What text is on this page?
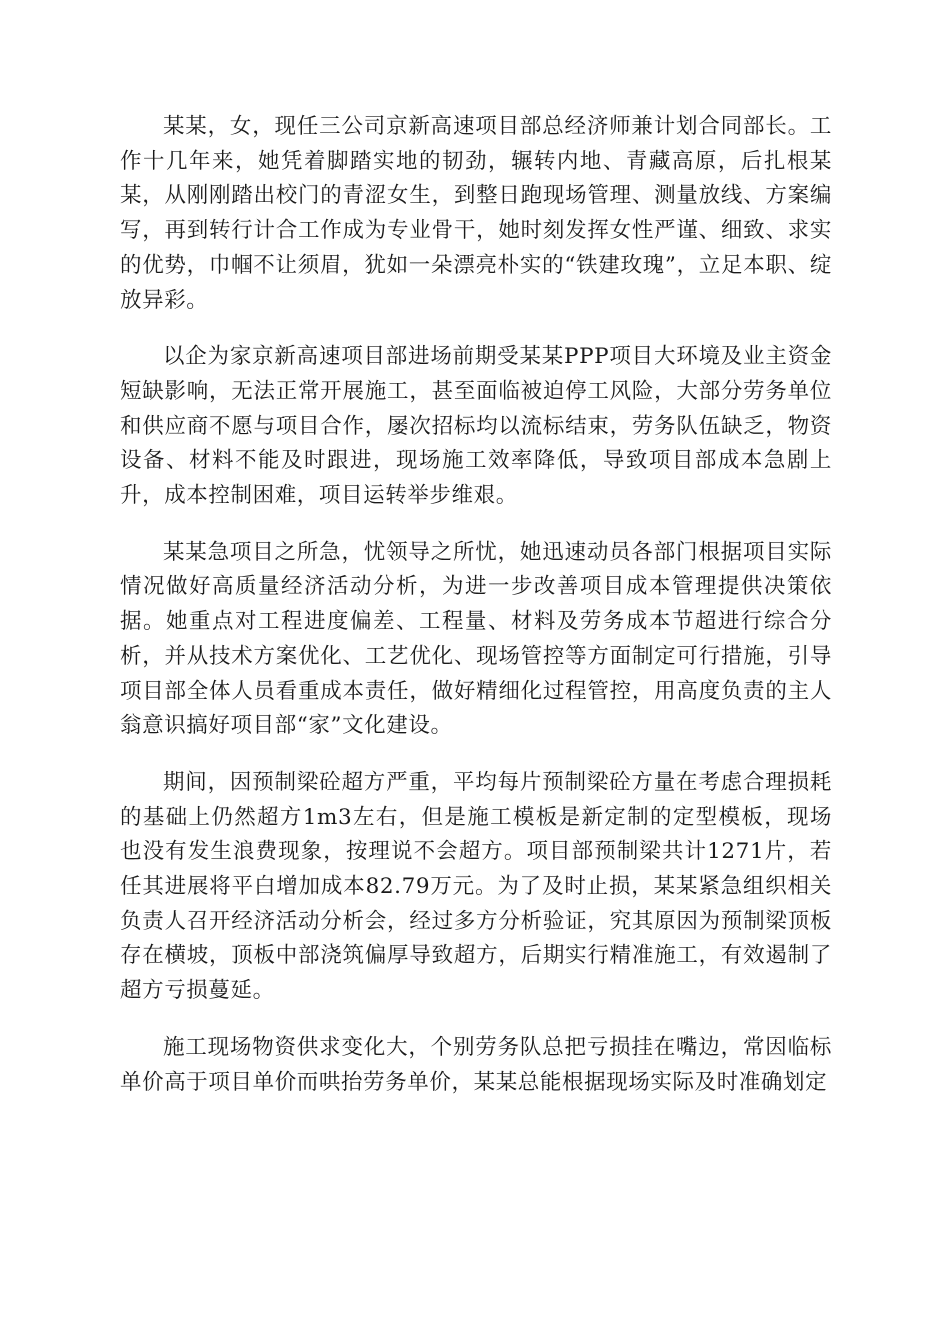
某某，女，现任三公司京新高速项目部总经济师兼计划合同部长。工作十几年来，她凭着脚踏实地的韧劲，辗转内地、青藏高原，后扎根某某，从刚刚踏出校门的青涩女生，到整日跑现场管理、测量放线、方案编写，再到转行计合工作成为专业骨干，她时刻发挥女性严谨、细致、求实的优势，巾帼不让须眉，犹如一朵漂亮朴实的“铁建玫瑰”，立足本职、绽放异彩。

以企为家京新高速项目部进场前期受某某PPP项目大环境及业主资金短缺影响，无法正常开展施工，甚至面临被迫停工风险，大部分劳务单位和供应商不愿与项目合作，屡次招标均以流标结束，劳务队伍缺乏，物资设备、材料不能及时跟进，现场施工效率降低，导致项目部成本急剧上升，成本控制困难，项目运转举步维艰。

某某急项目之所急，忧领导之所忧，她迅速动员各部门根据项目实际情况做好高质量经济活动分析，为进一步改善项目成本管理提供决策依据。她重点对工程进度偏差、工程量、材料及劳务成本节超进行综合分析，并从技术方案优化、工艺优化、现场管控等方面制定可行措施，引导项目部全体人员看重成本责任，做好精细化过程管控，用高度负责的主人翁意识搞好项目部“家”文化建设。

期间，因预制梁砼超方严重，平均每片预制梁砼方量在考虑合理损耗的基础上仍然超方1m3左右，但是施工模板是新定制的定型模板，现场也没有发生浪费现象，按理说不会超方。项目部预制梁共计1271片，若任其进展将平白增加成本82.79万元。为了及时止损，某某紧急组织相关负责人召开经济活动分析会，经过多方分析验证，究其原因为预制梁顶板存在横坡，顶板中部浇筑偏厚导致超方，后期实行精准施工，有效遏制了超方亏损蔓延。

施工现场物资供求变化大，个别劳务队总把亏损挂在嘴边，常因临标单价高于项目单价而哄抬劳务单价，某某总能根据现场实际及时准确划定
